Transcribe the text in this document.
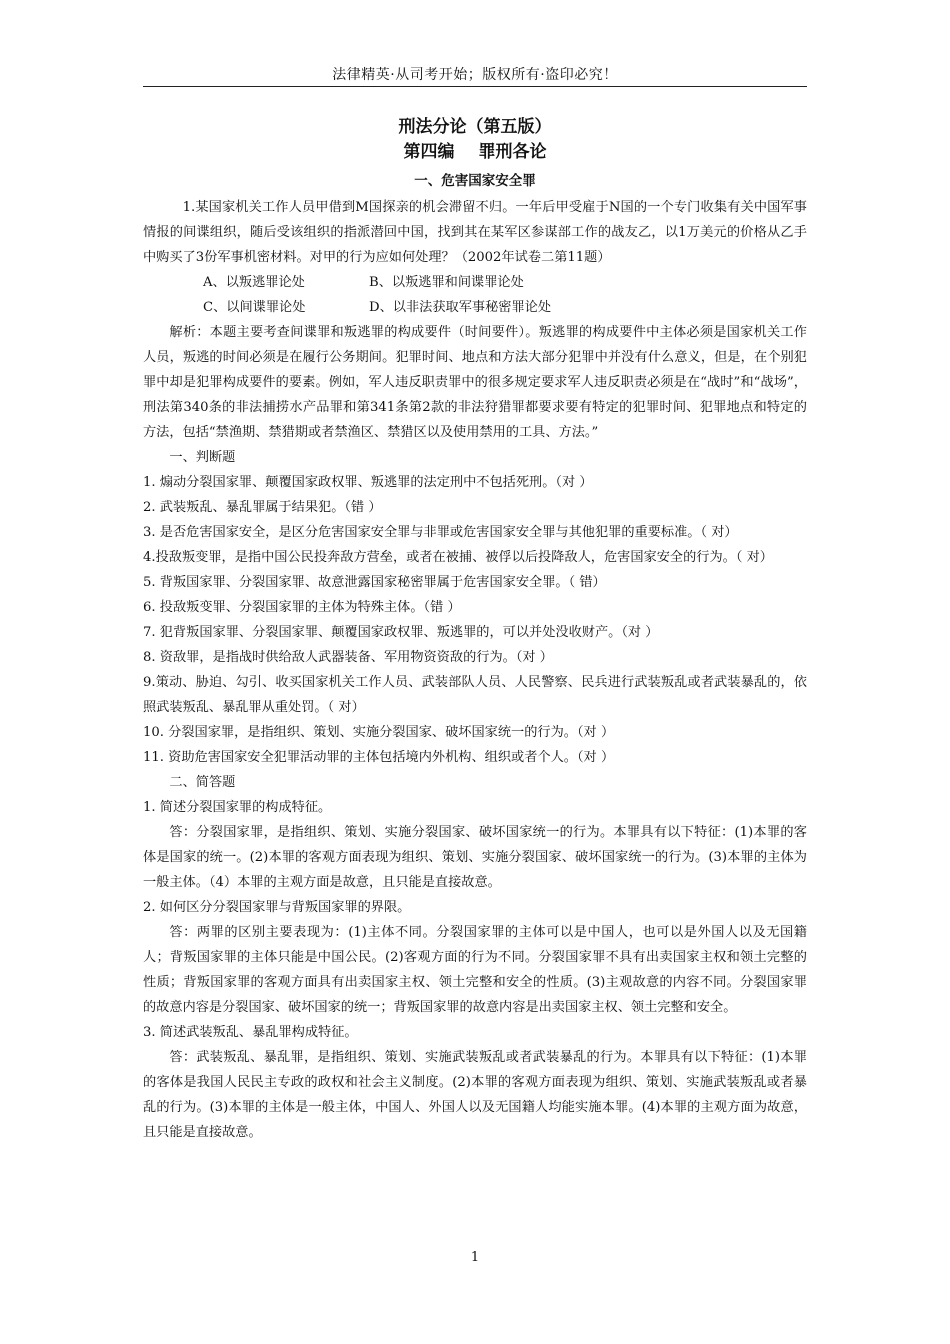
法律精英·从司考开始；版权所有·盗印必究！

刑法分论（第五版）

第四编 罪刑各论

一、危害国家安全罪

1.某国家机关工作人员甲借到M国探亲的机会滞留不归。一年后甲受雇于N国的一个专门收集有关中国军事情报的间谍组织，随后受该组织的指派潜回中国，找到其在某军区参谋部工作的战友乙，以1万美元的价格从乙手中购买了3份军事机密材料。对甲的行为应如何处理？（2002年试卷二第11题）

A、以叛逃罪论处	B、以叛逃罪和间谍罪论处
C、以间谍罪论处	D、以非法获取军事秘密罪论处

解析：本题主要考查间谍罪和叛逃罪的构成要件（时间要件）。叛逃罪的构成要件中主体必须是国家机关工作人员，叛逃的时间必须是在履行公务期间。犯罪时间、地点和方法大部分犯罪中并没有什么意义，但是，在个别犯罪中却是犯罪构成要件的要素。例如，军人违反职责罪中的很多规定要求军人违反职责必须是在“战时”和“战场”，刑法第340条的非法捕捞水产品罪和第341条第2款的非法狩猎罪都要求要有特定的犯罪时间、犯罪地点和特定的方法，包括“禁渔期、禁猎期或者禁渔区、禁猎区以及使用禁用的工具、方法。”

一、判断题

1. 煽动分裂国家罪、颠覆国家政权罪、叛逃罪的法定刑中不包括死刑。（对 ）

2. 武装叛乱、暴乱罪属于结果犯。（错 ）

3. 是否危害国家安全，是区分危害国家安全罪与非罪或危害国家安全罪与其他犯罪的重要标准。（ 对）

4.投敌叛变罪，是指中国公民投奔敌方营垒，或者在被捕、被俘以后投降敌人，危害国家安全的行为。（ 对）

5. 背叛国家罪、分裂国家罪、故意泄露国家秘密罪属于危害国家安全罪。（ 错）

6. 投敌叛变罪、分裂国家罪的主体为特殊主体。（错 ）

7. 犯背叛国家罪、分裂国家罪、颠覆国家政权罪、叛逃罪的，可以并处没收财产。（对 ）

8. 资敌罪，是指战时供给敌人武器装备、军用物资资敌的行为。（对 ）

9.策动、胁迫、勾引、收买国家机关工作人员、武装部队人员、人民警察、民兵进行武装叛乱或者武装暴乱的，依照武装叛乱、暴乱罪从重处罚。（ 对）

10. 分裂国家罪，是指组织、策划、实施分裂国家、破坏国家统一的行为。（对 ）

11. 资助危害国家安全犯罪活动罪的主体包括境内外机构、组织或者个人。（对 ）

二、简答题

1. 简述分裂国家罪的构成特征。

答：分裂国家罪，是指组织、策划、实施分裂国家、破坏国家统一的行为。本罪具有以下特征：(1)本罪的客体是国家的统一。(2)本罪的客观方面表现为组织、策划、实施分裂国家、破坏国家统一的行为。(3)本罪的主体为一般主体。（4）本罪的主观方面是故意，且只能是直接故意。

2. 如何区分分裂国家罪与背叛国家罪的界限。

答：两罪的区别主要表现为：(1)主体不同。分裂国家罪的主体可以是中国人，也可以是外国人以及无国籍人；背叛国家罪的主体只能是中国公民。(2)客观方面的行为不同。分裂国家罪不具有出卖国家主权和领土完整的性质；背叛国家罪的客观方面具有出卖国家主权、领土完整和安全的性质。(3)主观故意的内容不同。分裂国家罪的故意内容是分裂国家、破坏国家的统一；背叛国家罪的故意内容是出卖国家主权、领土完整和安全。

3. 简述武装叛乱、暴乱罪构成特征。

答：武装叛乱、暴乱罪，是指组织、策划、实施武装叛乱或者武装暴乱的行为。本罪具有以下特征：(1)本罪的客体是我国人民民主专政的政权和社会主义制度。(2)本罪的客观方面表现为组织、策划、实施武装叛乱或者暴乱的行为。(3)本罪的主体是一般主体，中国人、外国人以及无国籍人均能实施本罪。(4)本罪的主观方面为故意，且只能是直接故意。

1
